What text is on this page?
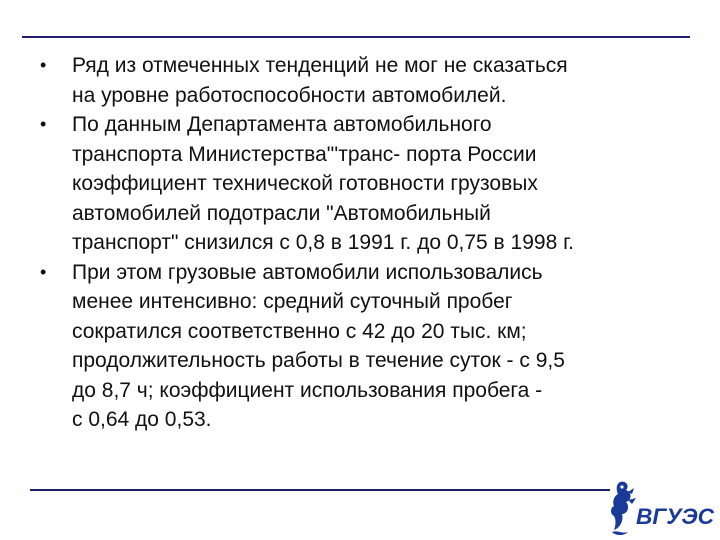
• Ряд из отмеченных тенденций не мог не сказаться
на уровне работоспособности автомобилей.
• По данным Департамента автомобильного
транспорта Министерства"'транс- порта России
коэффициент технической готовности грузовых
автомобилей подотрасли "Автомобильный
транспорт" снизился с 0,8 в 1991 г. до 0,75 в 1998 г.
• При этом грузовые автомобили использовались
менее интенсивно: средний суточный пробег
сократился соответственно с 42 до 20 тыс. км;
продолжительность работы в течение суток - с 9,5
до 8,7 ч; коэффициент использования пробега -
с 0,64 до 0,53.
ВГУЭС
